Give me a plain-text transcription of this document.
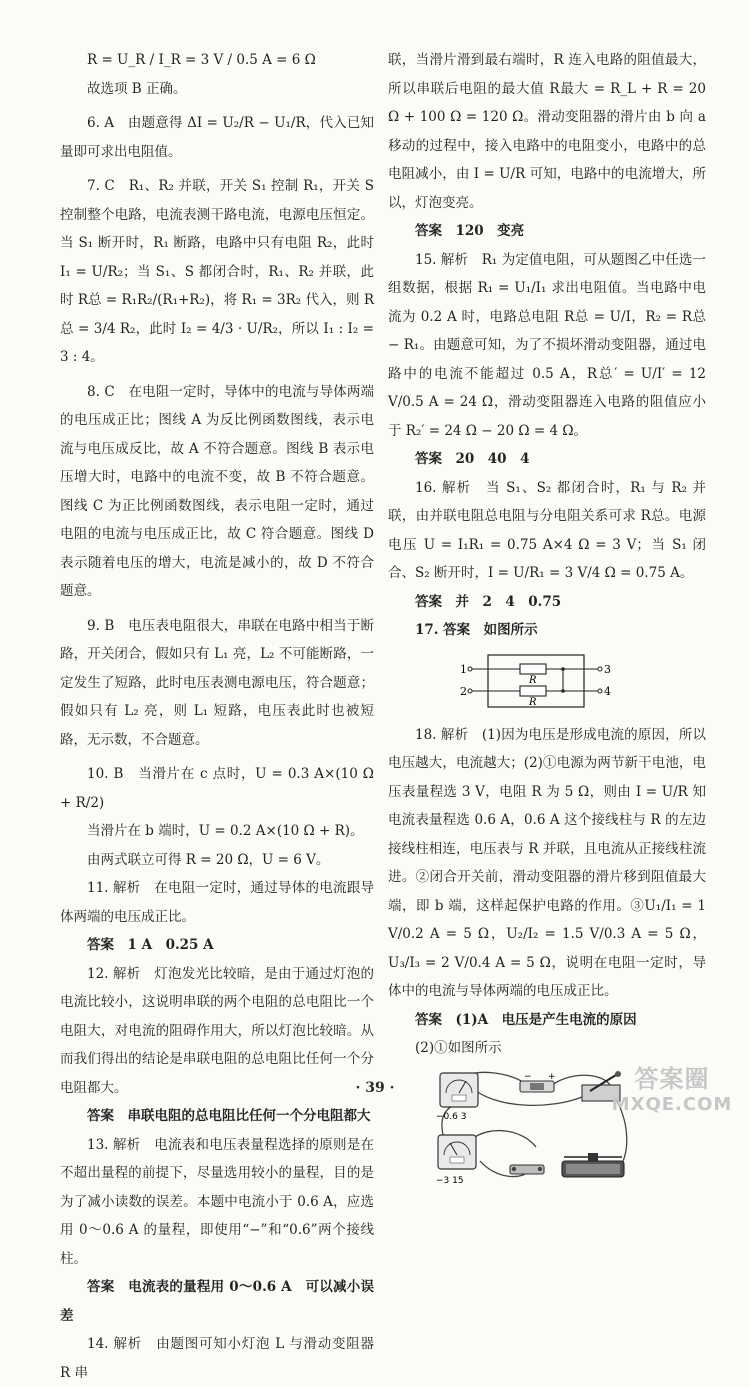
R = U_R / I_R = 3 V / 0.5 A = 6 Ω

故选项 B 正确。

6. A　由题意得 ΔI = U₂/R − U₁/R，代入已知量即可求出电阻值。

7. C　R₁、R₂ 并联，开关 S₁ 控制 R₁，开关 S 控制整个电路，电流表测干路电流，电源电压恒定。当 S₁ 断开时，R₁ 断路，电路中只有电阻 R₂，此时 I₁ = U/R₂；当 S₁、S 都闭合时，R₁、R₂ 并联，此时 R总 = R₁R₂/(R₁+R₂)，将 R₁ = 3R₂ 代入，则 R总 = 3/4 R₂，此时 I₂ = 4/3 · U/R₂，所以 I₁ : I₂ = 3 : 4。

8. C　在电阻一定时，导体中的电流与导体两端的电压成正比；图线 A 为反比例函数图线，表示电流与电压成反比，故 A 不符合题意。图线 B 表示电压增大时，电路中的电流不变，故 B 不符合题意。图线 C 为正比例函数图线，表示电阻一定时，通过电阻的电流与电压成正比，故 C 符合题意。图线 D 表示随着电压的增大，电流是减小的，故 D 不符合题意。

9. B　电压表电阻很大，串联在电路中相当于断路，开关闭合，假如只有 L₁ 亮，L₂ 不可能断路，一定发生了短路，此时电压表测电源电压，符合题意；假如只有 L₂ 亮，则 L₁ 短路，电压表此时也被短路，无示数，不合题意。

10. B　当滑片在 c 点时，U = 0.3 A×(10 Ω + R/2)

当滑片在 b 端时，U = 0.2 A×(10 Ω + R)。

由两式联立可得 R = 20 Ω，U = 6 V。

11. 解析　在电阻一定时，通过导体的电流跟导体两端的电压成正比。

答案　1 A　0.25 A

12. 解析　灯泡发光比较暗，是由于通过灯泡的电流比较小，这说明串联的两个电阻的总电阻比一个电阻大，对电流的阻碍作用大，所以灯泡比较暗。从而我们得出的结论是串联电阻的总电阻比任何一个分电阻都大。

答案　串联电阻的总电阻比任何一个分电阻都大

13. 解析　电流表和电压表量程选择的原则是在不超出量程的前提下，尽量选用较小的量程，目的是为了减小读数的误差。本题中电流小于 0.6 A，应选用 0～0.6 A 的量程，即使用“−”和“0.6”两个接线柱。

答案　电流表的量程用 0～0.6 A　可以减小误差

14. 解析　由题图可知小灯泡 L 与滑动变阻器 R 串

联，当滑片滑到最右端时，R 连入电路的阻值最大，所以串联后电阻的最大值 R最大 = R_L + R = 20 Ω + 100 Ω = 120 Ω。滑动变阻器的滑片由 b 向 a 移动的过程中，接入电路中的电阻变小，电路中的总电阻减小，由 I = U/R 可知，电路中的电流增大，所以，灯泡变亮。

答案　120　变亮

15. 解析　R₁ 为定值电阻，可从题图乙中任选一组数据，根据 R₁ = U₁/I₁ 求出电阻值。当电路中电流为 0.2 A 时，电路总电阻 R总 = U/I，R₂ = R总 − R₁。由题意可知，为了不损坏滑动变阻器，通过电路中的电流不能超过 0.5 A，R总′ = U/I′ = 12 V/0.5 A = 24 Ω，滑动变阻器连入电路的阻值应小于 R₂′ = 24 Ω − 20 Ω = 4 Ω。

答案　20　40　4

16. 解析　当 S₁、S₂ 都闭合时，R₁ 与 R₂ 并联，由并联电阻总电阻与分电阻关系可求 R总。电源电压 U = I₁R₁ = 0.75 A×4 Ω = 3 V；当 S₁ 闭合、S₂ 断开时，I = U/R₁ = 3 V/4 Ω = 0.75 A。

答案　并　2　4　0.75

17. 答案　如图所示

1
2
3
4
R
R

18. 解析　(1)因为电压是形成电流的原因，所以电压越大，电流越大；(2)①电源为两节新干电池，电压表量程选 3 V，电阻 R 为 5 Ω，则由 I = U/R 知电流表量程选 0.6 A，0.6 A 这个接线柱与 R 的左边接线柱相连，电压表与 R 并联，且电流从正接线柱流进。②闭合开关前，滑动变阻器的滑片移到阻值最大端，即 b 端，这样起保护电路的作用。③U₁/I₁ = 1 V/0.2 A = 5 Ω，U₂/I₂ = 1.5 V/0.3 A = 5 Ω，U₃/I₃ = 2 V/0.4 A = 5 Ω，说明在电阻一定时，导体中的电流与导体两端的电压成正比。

答案　(1)A　电压是产生电流的原因

(2)①如图所示

−0.6 3
− +
−3 15
· 39 ·	答案圈
MXQE.COM
